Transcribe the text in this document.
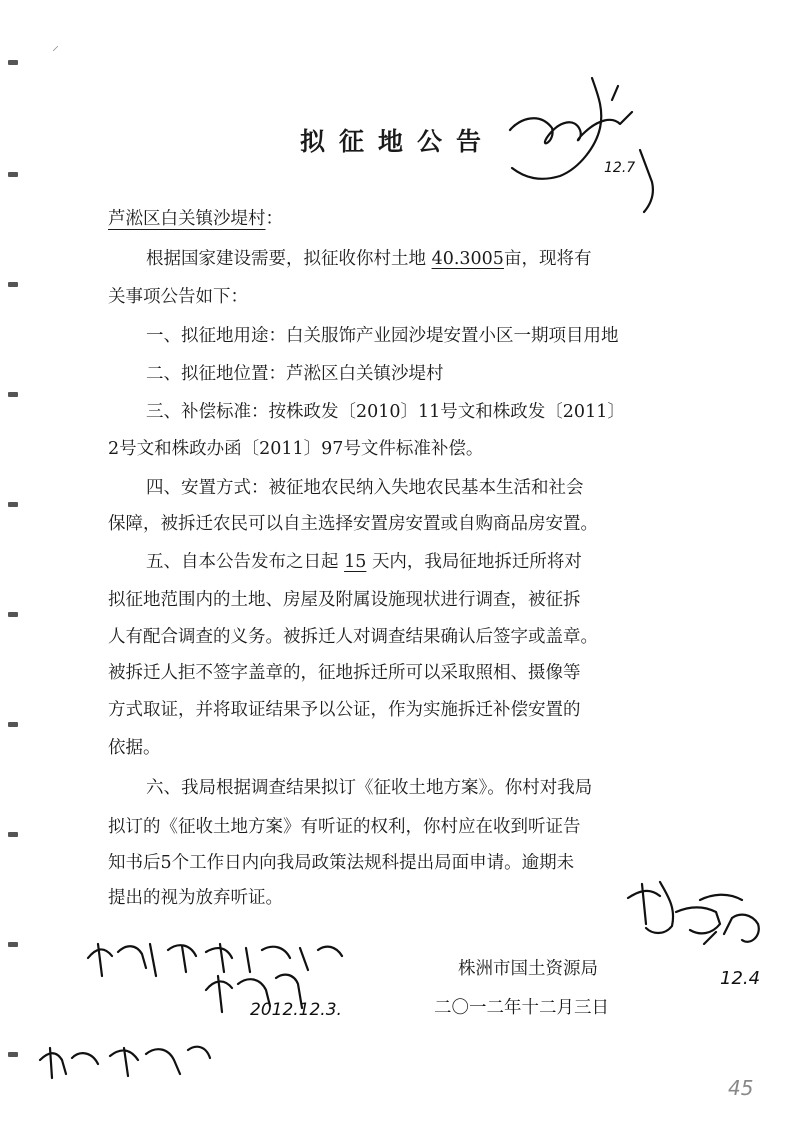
⸝
拟征地公告

芦淞区白关镇沙堤村：

根据国家建设需要，拟征收你村土地 40.3005亩，现将有

关事项公告如下：

一、拟征地用途：白关服饰产业园沙堤安置小区一期项目用地

二、拟征地位置：芦淞区白关镇沙堤村

三、补偿标准：按株政发〔2010〕11号文和株政发〔2011〕

2号文和株政办函〔2011〕97号文件标准补偿。

四、安置方式：被征地农民纳入失地农民基本生活和社会

保障，被拆迁农民可以自主选择安置房安置或自购商品房安置。

五、自本公告发布之日起 15 天内，我局征地拆迁所将对

拟征地范围内的土地、房屋及附属设施现状进行调查，被征拆

人有配合调查的义务。被拆迁人对调查结果确认后签字或盖章。

被拆迁人拒不签字盖章的，征地拆迁所可以采取照相、摄像等

方式取证，并将取证结果予以公证，作为实施拆迁补偿安置的

依据。

六、我局根据调查结果拟订《征收土地方案》。你村对我局

拟订的《征收土地方案》有听证的权利，你村应在收到听证告

知书后5个工作日内向我局政策法规科提出局面申请。逾期未

提出的视为放弃听证。

株洲市国土资源局

二〇一二年十二月三日

12.7
12.4
2012.12.3.
45
